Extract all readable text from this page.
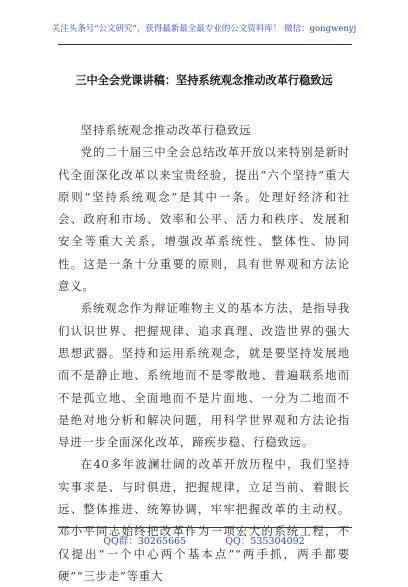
关注头条号“公文研究”，获得最新最全最专业的公文资料库！ 微信：gongwenyj
三中全会党课讲稿：坚持系统观念推动改革行稳致远

坚持系统观念推动改革行稳致远

党的二十届三中全会总结改革开放以来特别是新时代全面深化改革以来宝贵经验，提出“六个坚持”重大原则“坚持系统观念”是其中一条。处理好经济和社会、政府和市场、效率和公平、活力和秩序、发展和安全等重大关系，增强改革系统性、整体性、协同性。这是一条十分重要的原则，具有世界观和方法论意义。

系统观念作为辩证唯物主义的基本方法，是指导我们认识世界、把握规律、追求真理、改造世界的强大思想武器。坚持和运用系统观念，就是要坚持发展地而不是静止地、系统地而不是零散地、普遍联系地而不是孤立地、全面地而不是片面地、一分为二地而不是绝对地分析和解决问题，用科学世界观和方法论指导进一步全面深化改革，蹄疾步稳、行稳致远。

在40多年波澜壮阔的改革开放历程中，我们坚持实事求是、与时俱进，把握规律，立足当前、着眼长远、整体推进、统筹协调，牢牢把握改革的主动权。邓小平同志始终把改革作为一项宏大的系统工程，不仅提出“一个中心两个基本点”“两手抓，两手都要硬”“三步走”等重大

QQ群：30265665	QQ：535304092
